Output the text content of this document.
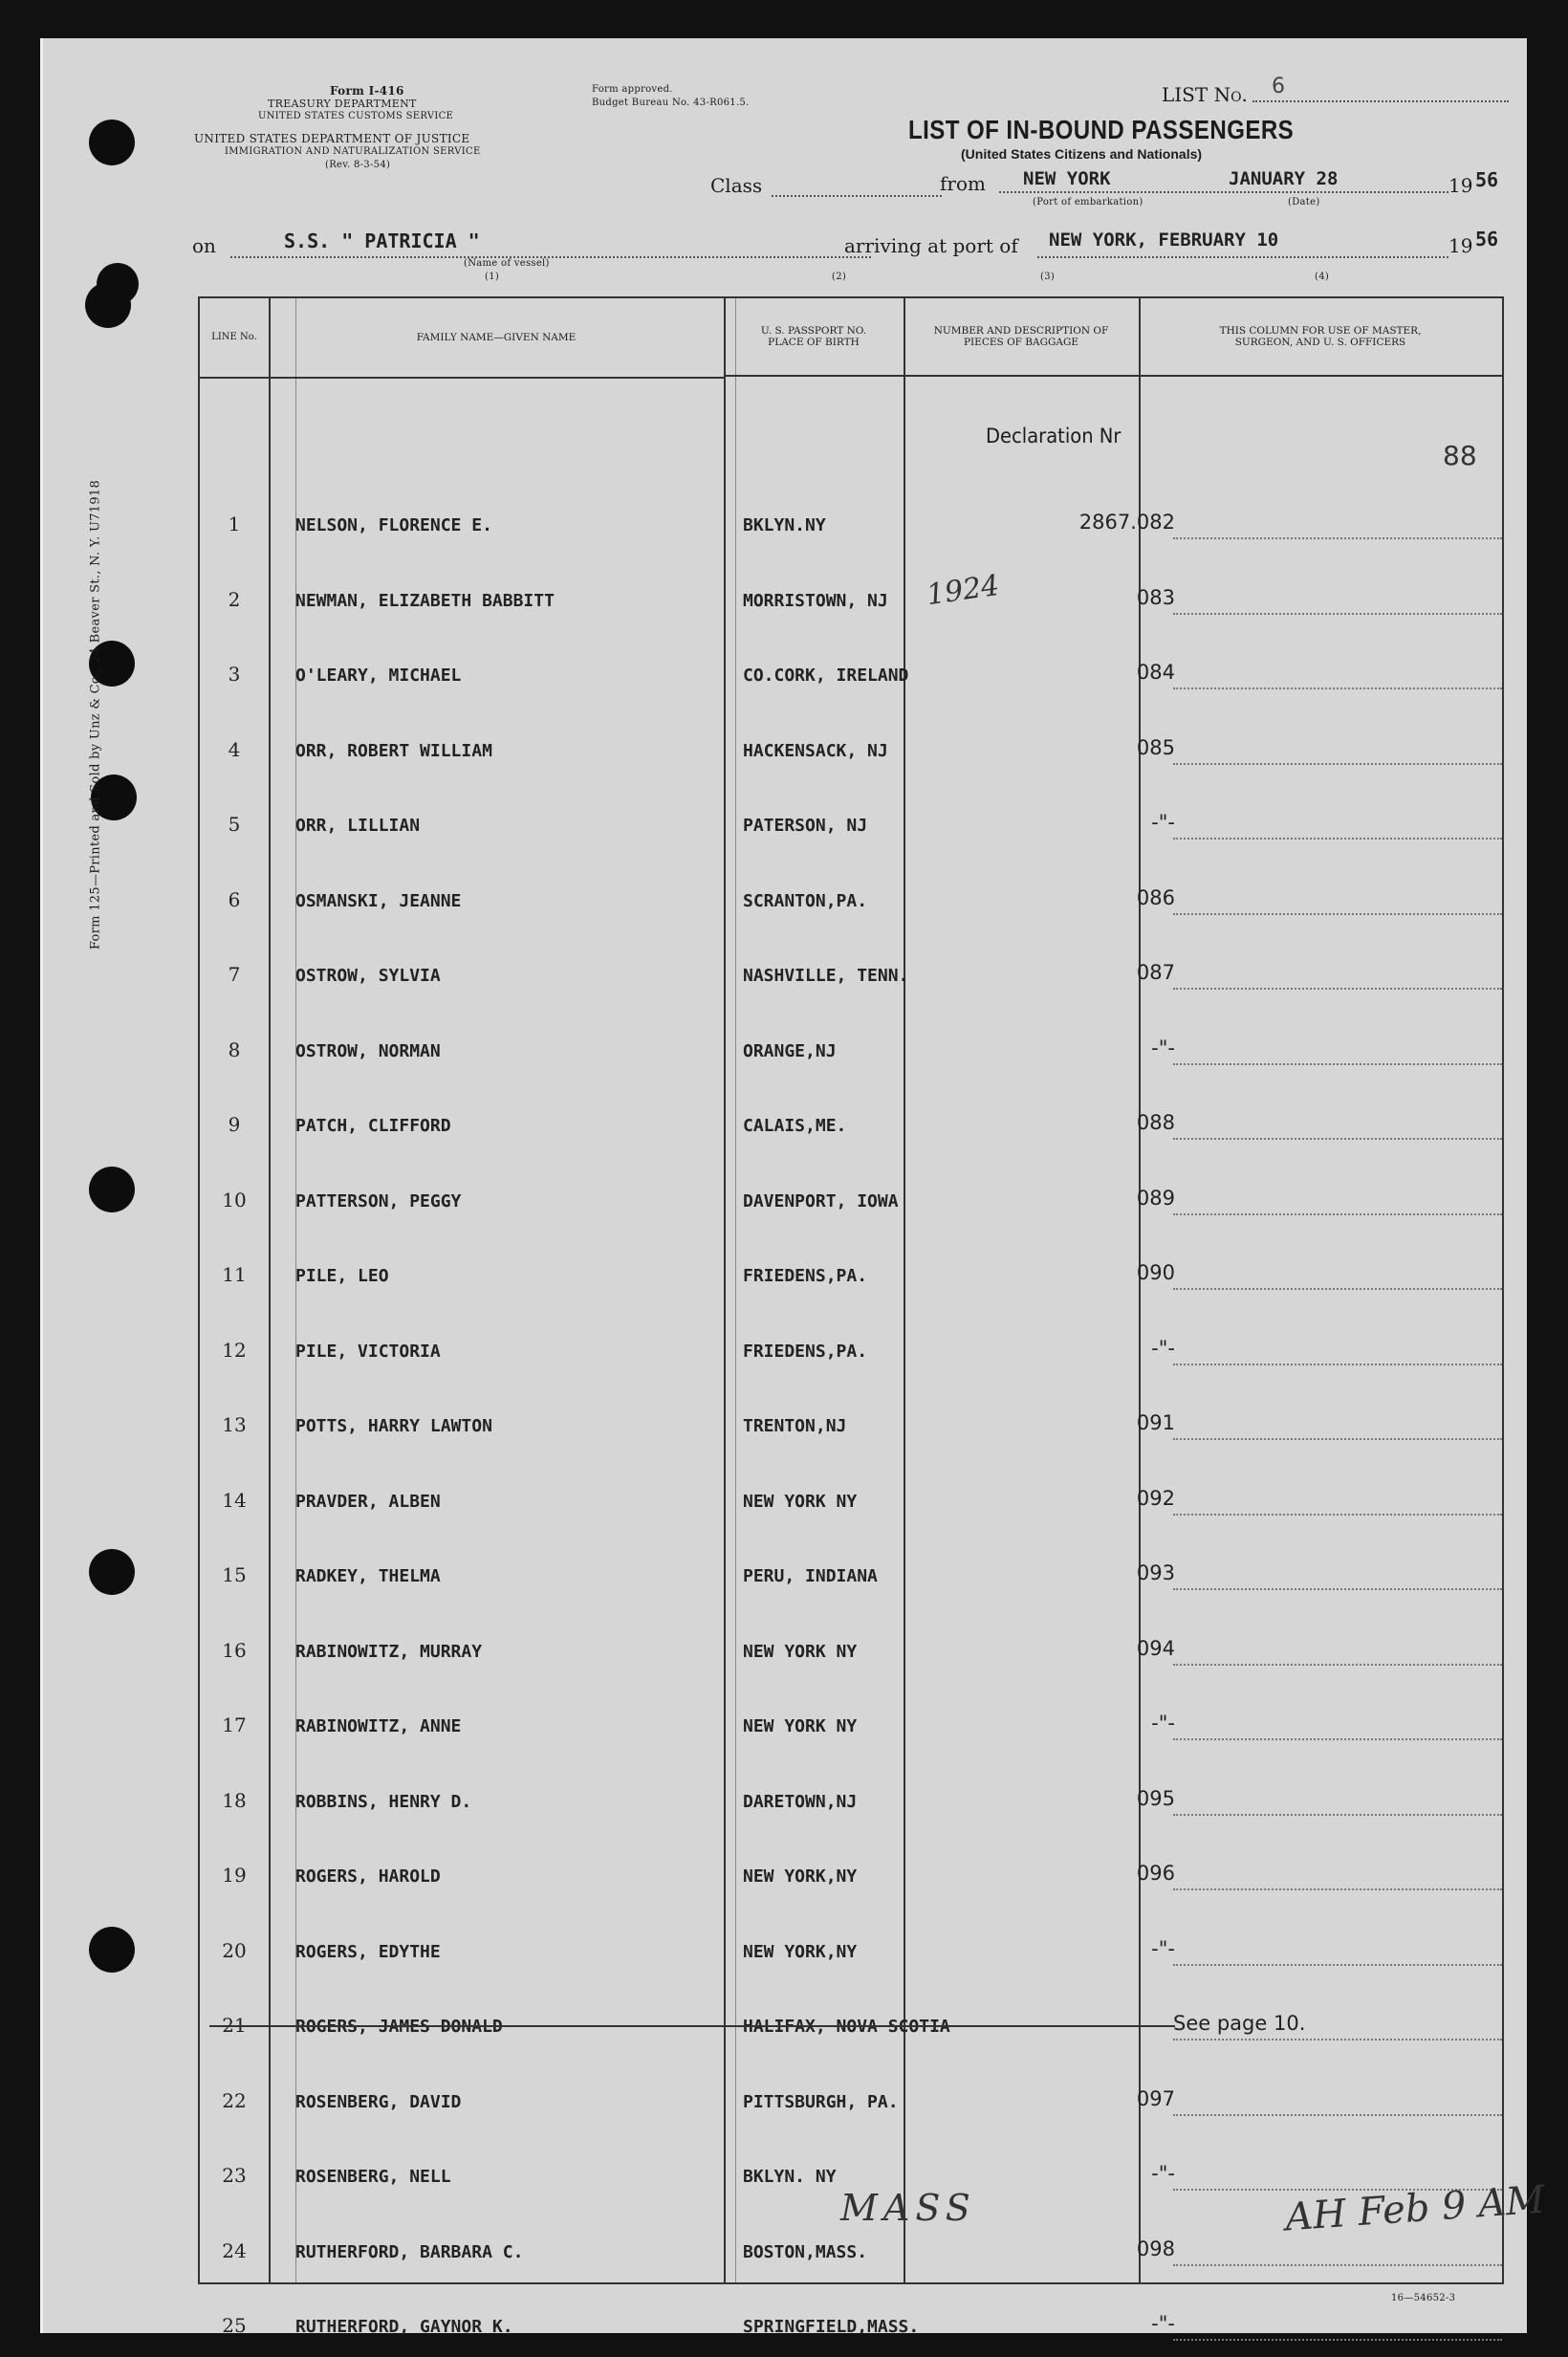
Form 125—Printed and Sold by Unz & Co., 24 Beaver St., N. Y. U71918
Form I-416
TREASURY DEPARTMENT
UNITED STATES CUSTOMS SERVICE
UNITED STATES DEPARTMENT OF JUSTICE
IMMIGRATION AND NATURALIZATION SERVICE
(Rev. 8-3-54)
Form approved.
Budget Bureau No. 43-R061.5.	LIST No. 6
LIST OF IN-BOUND PASSENGERS
(United States Citizens and Nationals)
Class	from NEW YORK	JANUARY 28	19 56
(Port of embarkation)	(Date)
on	S.S. " PATRICIA "
(Name of vessel)
(1)
arriving at port of
(2)
NEW YORK, FEBRUARY 10
(3)	(4)
19 56
LINE No.	FAMILY NAME—GIVEN NAME
U. S. PASSPORT NO. PLACE OF BIRTH
NUMBER AND DESCRIPTION OF PIECES OF BAGGAGE
THIS COLUMN FOR USE OF MASTER, SURGEON, AND U. S. OFFICERS
Declaration Nr
88
1924
1	NELSON, FLORENCE E.	BKLYN.NY	2867.082
2	NEWMAN, ELIZABETH BABBITT	MORRISTOWN, NJ	083
3	O'LEARY, MICHAEL	CO.CORK, IRELAND	084
4	ORR, ROBERT WILLIAM	HACKENSACK, NJ	085
5	ORR, LILLIAN	PATERSON, NJ	-"-
6	OSMANSKI, JEANNE	SCRANTON,PA.	086
7	OSTROW, SYLVIA	NASHVILLE, TENN.	087
8	OSTROW, NORMAN	ORANGE,NJ	-"-
9	PATCH, CLIFFORD	CALAIS,ME.	088
10	PATTERSON, PEGGY	DAVENPORT, IOWA	089
11	PILE, LEO	FRIEDENS,PA.	090
12	PILE, VICTORIA	FRIEDENS,PA.	-"-
13	POTTS, HARRY LAWTON	TRENTON,NJ	091
14	PRAVDER, ALBEN	NEW YORK NY	092
15	RADKEY, THELMA	PERU, INDIANA	093
16	RABINOWITZ, MURRAY	NEW YORK NY	094
17	RABINOWITZ, ANNE	NEW YORK NY	-"-
18	ROBBINS, HENRY D.	DARETOWN,NJ	095
19	ROGERS, HAROLD	NEW YORK,NY	096
20	ROGERS, EDYTHE	NEW YORK,NY	-"-
21	ROGERS, JAMES DONALD	HALIFAX, NOVA SCOTIA	See page 10.
22	ROSENBERG, DAVID	PITTSBURGH, PA.	097
23	ROSENBERG, NELL	BKLYN. NY	-"-
24	RUTHERFORD, BARBARA C.	BOSTON,MASS.	098
25	RUTHERFORD, GAYNOR K.	SPRINGFIELD,MASS.	-"-
MASS	AH Feb 9 AM
16—54652-3
